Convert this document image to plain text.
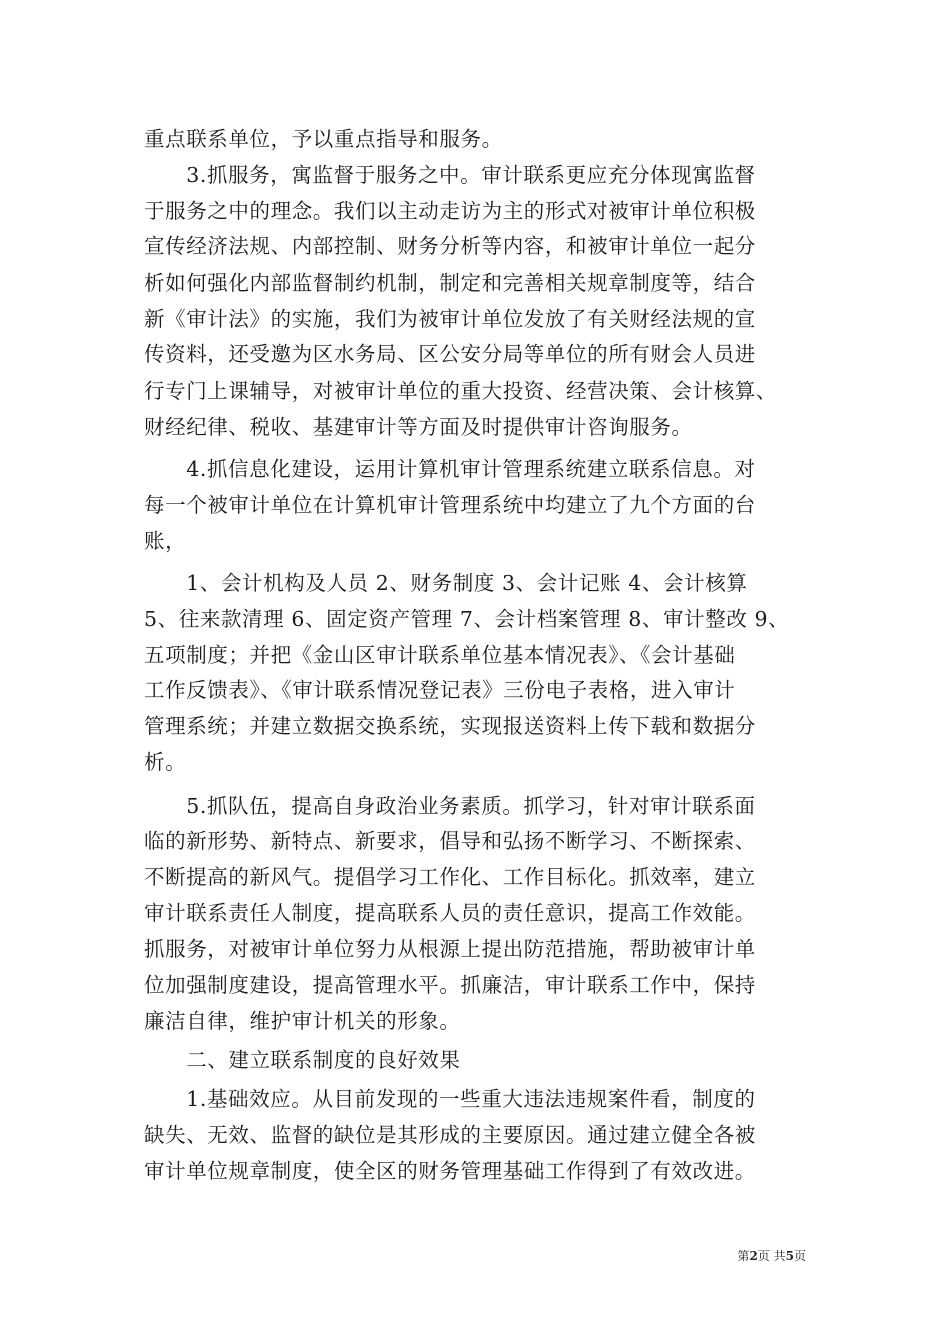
重点联系单位，予以重点指导和服务。
　　3.抓服务，寓监督于服务之中。审计联系更应充分体现寓监督
于服务之中的理念。我们以主动走访为主的形式对被审计单位积极
宣传经济法规、内部控制、财务分析等内容，和被审计单位一起分
析如何强化内部监督制约机制，制定和完善相关规章制度等，结合
新《审计法》的实施，我们为被审计单位发放了有关财经法规的宣
传资料，还受邀为区水务局、区公安分局等单位的所有财会人员进
行专门上课辅导，对被审计单位的重大投资、经营决策、会计核算、
财经纪律、税收、基建审计等方面及时提供审计咨询服务。
　　4.抓信息化建设，运用计算机审计管理系统建立联系信息。对
每一个被审计单位在计算机审计管理系统中均建立了九个方面的台
账，
　　1、会计机构及人员 2、财务制度 3、会计记账 4、会计核算
5、往来款清理 6、固定资产管理 7、会计档案管理 8、审计整改 9、
五项制度；并把《金山区审计联系单位基本情况表》、《会计基础
工作反馈表》、《审计联系情况登记表》三份电子表格，进入审计
管理系统；并建立数据交换系统，实现报送资料上传下载和数据分
析。
　　5.抓队伍，提高自身政治业务素质。抓学习，针对审计联系面
临的新形势、新特点、新要求，倡导和弘扬不断学习、不断探索、
不断提高的新风气。提倡学习工作化、工作目标化。抓效率，建立
审计联系责任人制度，提高联系人员的责任意识，提高工作效能。
抓服务，对被审计单位努力从根源上提出防范措施，帮助被审计单
位加强制度建设，提高管理水平。抓廉洁，审计联系工作中，保持
廉洁自律，维护审计机关的形象。
　　二、建立联系制度的良好效果
　　1.基础效应。从目前发现的一些重大违法违规案件看，制度的
缺失、无效、监督的缺位是其形成的主要原因。通过建立健全各被
审计单位规章制度，使全区的财务管理基础工作得到了有效改进。
第2页 共5页
